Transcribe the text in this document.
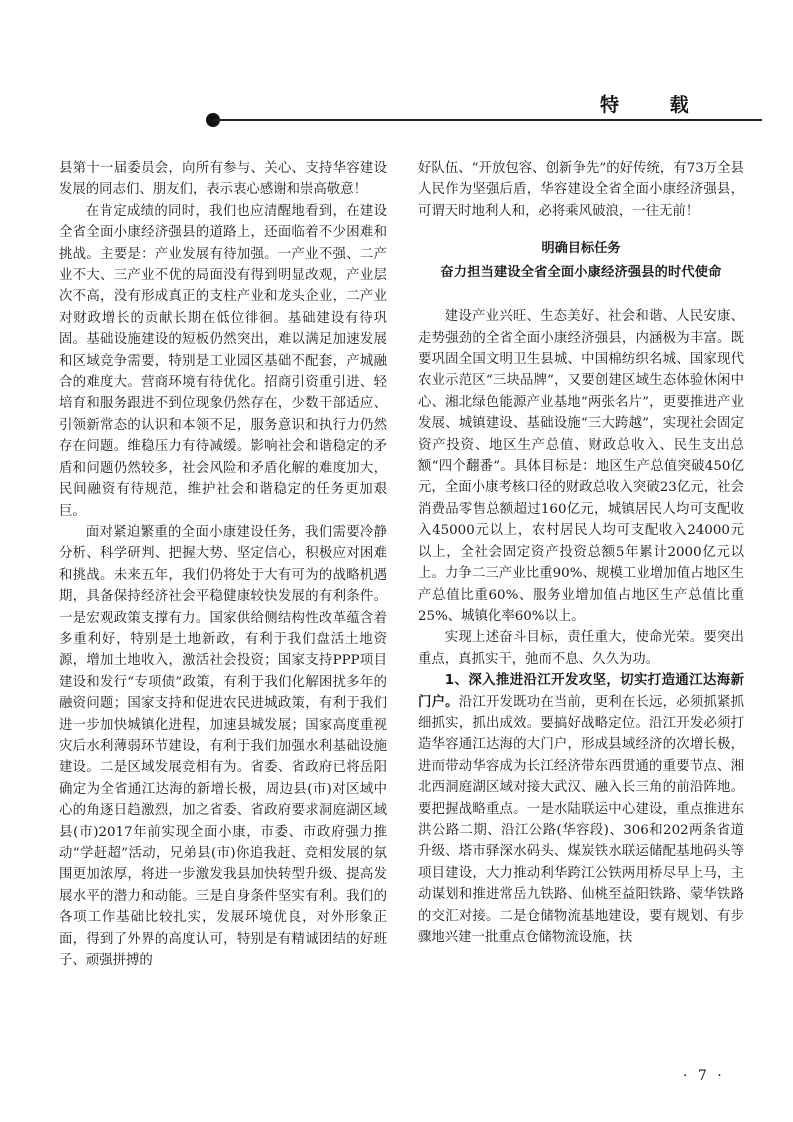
特 载

县第十一届委员会，向所有参与、关心、支持华容建设发展的同志们、朋友们，表示衷心感谢和崇高敬意！

在肯定成绩的同时，我们也应清醒地看到，在建设全省全面小康经济强县的道路上，还面临着不少困难和挑战。主要是：产业发展有待加强。一产业不强、二产业不大、三产业不优的局面没有得到明显改观，产业层次不高，没有形成真正的支柱产业和龙头企业，二产业对财政增长的贡献长期在低位徘徊。基础建设有待巩固。基础设施建设的短板仍然突出，难以满足加速发展和区域竞争需要，特别是工业园区基础不配套，产城融合的难度大。营商环境有待优化。招商引资重引进、轻培育和服务跟进不到位现象仍然存在，少数干部适应、引领新常态的认识和本领不足，服务意识和执行力仍然存在问题。维稳压力有待减缓。影响社会和谐稳定的矛盾和问题仍然较多，社会风险和矛盾化解的难度加大，民间融资有待规范，维护社会和谐稳定的任务更加艰巨。

面对紧迫繁重的全面小康建设任务，我们需要冷静分析、科学研判、把握大势、坚定信心，积极应对困难和挑战。未来五年，我们仍将处于大有可为的战略机遇期，具备保持经济社会平稳健康较快发展的有利条件。一是宏观政策支撑有力。国家供给侧结构性改革蕴含着多重利好，特别是土地新政，有利于我们盘活土地资源，增加土地收入，激活社会投资；国家支持PPP项目建设和发行“专项债”政策，有利于我们化解困扰多年的融资问题；国家支持和促进农民进城政策，有利于我们进一步加快城镇化进程，加速县城发展；国家高度重视灾后水利薄弱环节建设，有利于我们加强水利基础设施建设。二是区域发展竞相有为。省委、省政府已将岳阳确定为全省通江达海的新增长极，周边县(市)对区域中心的角逐日趋激烈，加之省委、省政府要求洞庭湖区域县(市)2017年前实现全面小康，市委、市政府强力推动“学赶超”活动，兄弟县(市)你追我赶、竞相发展的氛围更加浓厚，将进一步激发我县加快转型升级、提高发展水平的潜力和动能。三是自身条件坚实有利。我们的各项工作基础比较扎实，发展环境优良，对外形象正面，得到了外界的高度认可，特别是有精诚团结的好班子、顽强拼搏的

好队伍、“开放包容、创新争先”的好传统，有73万全县人民作为坚强后盾，华容建设全省全面小康经济强县，可谓天时地利人和，必将乘风破浪，一往无前！

明确目标任务
奋力担当建设全省全面小康经济强县的时代使命

建设产业兴旺、生态美好、社会和谐、人民安康、走势强劲的全省全面小康经济强县，内涵极为丰富。既要巩固全国文明卫生县城、中国棉纺织名城、国家现代农业示范区“三块品牌”，又要创建区域生态体验休闲中心、湘北绿色能源产业基地“两张名片”，更要推进产业发展、城镇建设、基础设施“三大跨越”，实现社会固定资产投资、地区生产总值、财政总收入、民生支出总额“四个翻番”。具体目标是：地区生产总值突破450亿元，全面小康考核口径的财政总收入突破23亿元，社会消费品零售总额超过160亿元，城镇居民人均可支配收入45000元以上，农村居民人均可支配收入24000元以上，全社会固定资产投资总额5年累计2000亿元以上。力争二三产业比重90%、规模工业增加值占地区生产总值比重60%、服务业增加值占地区生产总值比重25%、城镇化率60%以上。

实现上述奋斗目标，责任重大，使命光荣。要突出重点，真抓实干，弛而不息、久久为功。

1、深入推进沿江开发攻坚，切实打造通江达海新门户。沿江开发既功在当前，更利在长远，必须抓紧抓细抓实，抓出成效。要搞好战略定位。沿江开发必须打造华容通江达海的大门户，形成县域经济的次增长极，进而带动华容成为长江经济带东西贯通的重要节点、湘北西洞庭湖区域对接大武汉、融入长三角的前沿阵地。要把握战略重点。一是水陆联运中心建设，重点推进东洪公路二期、沿江公路(华容段)、306和202两条省道升级、塔市驿深水码头、煤炭铁水联运储配基地码头等项目建设，大力推动利华跨江公铁两用桥尽早上马，主动谋划和推进常岳九铁路、仙桃至益阳铁路、蒙华铁路的交汇对接。二是仓储物流基地建设，要有规划、有步骤地兴建一批重点仓储物流设施，扶

· 7 ·
